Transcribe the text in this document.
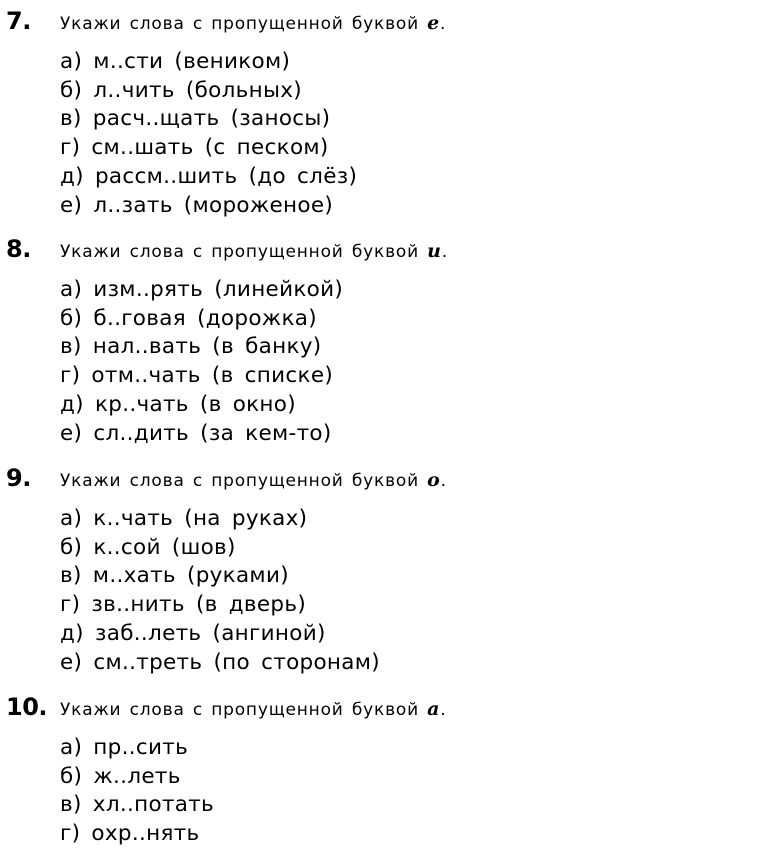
7. Укажи слова с пропущенной буквой е.
а) м..сти (веником)
б) л..чить (больных)
в) расч..щать (заносы)
г) см..шать (с песком)
д) рассм..шить (до слёз)
е) л..зать (мороженое)
8. Укажи слова с пропущенной буквой и.
а) изм..рять (линейкой)
б) б..говая (дорожка)
в) нал..вать (в банку)
г) отм..чать (в списке)
д) кр..чать (в окно)
е) сл..дить (за кем-то)
9. Укажи слова с пропущенной буквой о.
а) к..чать (на руках)
б) к..сой (шов)
в) м..хать (руками)
г) зв..нить (в дверь)
д) заб..леть (ангиной)
е) см..треть (по сторонам)
10. Укажи слова с пропущенной буквой а.
а) пр..сить
б) ж..леть
в) хл..потать
г) охр..нять
